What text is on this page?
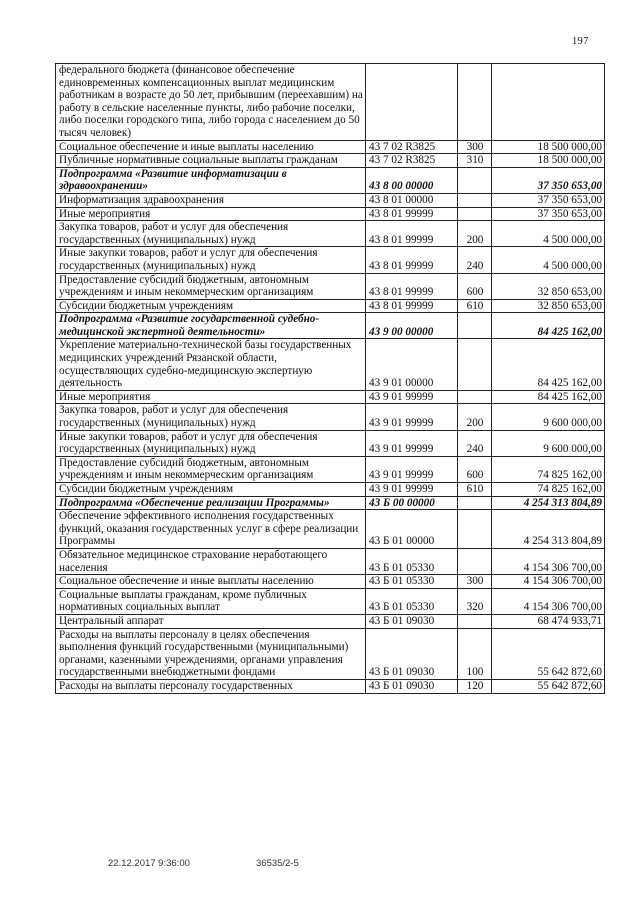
197
федерального бюджета (финансовое обеспечение единовременных компенсационных выплат медицинским работникам в возрасте до 50 лет, прибывшим (переехавшим) на работу в сельские населенные пункты, либо рабочие поселки, либо поселки городского типа, либо города с населением до 50 тысяч человек)			
Социальное обеспечение и иные выплаты населению	43 7 02 R3825	300	18 500 000,00
Публичные нормативные социальные выплаты гражданам	43 7 02 R3825	310	18 500 000,00
Подпрограмма «Развитие информатизации в здравоохранении»	43 8 00 00000		37 350 653,00
Информатизация здравоохранения	43 8 01 00000		37 350 653,00
Иные мероприятия	43 8 01 99999		37 350 653,00
Закупка товаров, работ и услуг для обеспечения государственных (муниципальных) нужд	43 8 01 99999	200	4 500 000,00
Иные закупки товаров, работ и услуг для обеспечения государственных (муниципальных) нужд	43 8 01 99999	240	4 500 000,00
Предоставление субсидий бюджетным, автономным учреждениям и иным некоммерческим организациям	43 8 01 99999	600	32 850 653,00
Субсидии бюджетным учреждениям	43 8 01 99999	610	32 850 653,00
Подпрограмма «Развитие государственной судебно-медицинской экспертной деятельности»	43 9 00 00000		84 425 162,00
Укрепление материально-технической базы государственных медицинских учреждений Рязанской области, осуществляющих судебно-медицинскую экспертную деятельность	43 9 01 00000		84 425 162,00
Иные мероприятия	43 9 01 99999		84 425 162,00
Закупка товаров, работ и услуг для обеспечения государственных (муниципальных) нужд	43 9 01 99999	200	9 600 000,00
Иные закупки товаров, работ и услуг для обеспечения государственных (муниципальных) нужд	43 9 01 99999	240	9 600 000,00
Предоставление субсидий бюджетным, автономным учреждениям и иным некоммерческим организациям	43 9 01 99999	600	74 825 162,00
Субсидии бюджетным учреждениям	43 9 01 99999	610	74 825 162,00
Подпрограмма «Обеспечение реализации Программы»	43 Б 00 00000		4 254 313 804,89
Обеспечение эффективного исполнения государственных функций, оказания государственных услуг в сфере реализации Программы	43 Б 01 00000		4 254 313 804,89
Обязательное медицинское страхование неработающего населения	43 Б 01 05330		4 154 306 700,00
Социальное обеспечение и иные выплаты населению	43 Б 01 05330	300	4 154 306 700,00
Социальные выплаты гражданам, кроме публичных нормативных социальных выплат	43 Б 01 05330	320	4 154 306 700,00
Центральный аппарат	43 Б 01 09030		68 474 933,71
Расходы на выплаты персоналу в целях обеспечения выполнения функций государственными (муниципальными) органами, казенными учреждениями, органами управления государственными внебюджетными фондами	43 Б 01 09030	100	55 642 872,60
Расходы на выплаты персоналу государственных	43 Б 01 09030	120	55 642 872,60
22.12.2017 9:36:00	36535/2-5
